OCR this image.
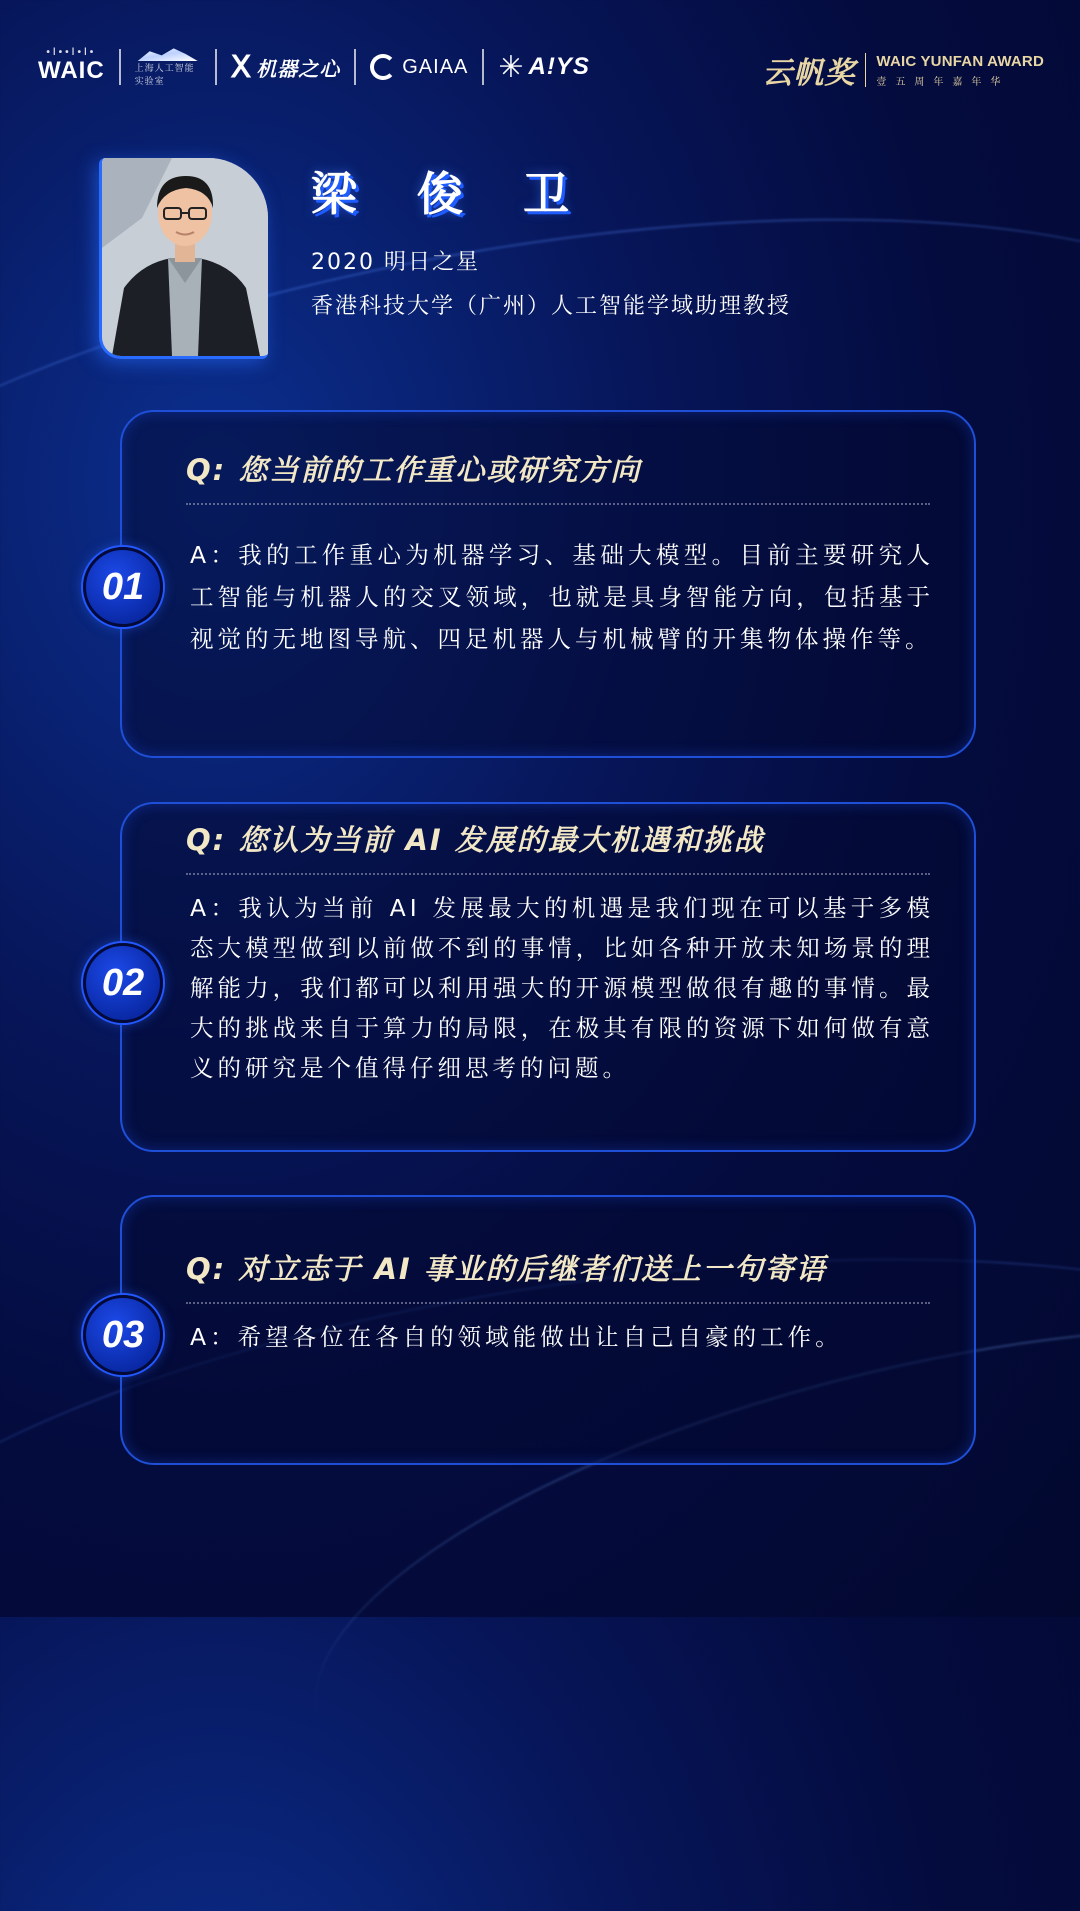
•ǀ••ǀ•ǀ•
WAIC	上海人工智能实验室	Ⅹ 机器之心	GAIAA ✳ A!YS	云帆奖 WAIC YUNFAN AWARD
壹五周年嘉年华
梁 俊 卫
2020 明日之星
香港科技大学（广州）人工智能学域助理教授
Q: 您当前的工作重心或研究方向
A：我的工作重心为机器学习、基础大模型。目前主要研究人工智能与机器人的交叉领域，也就是具身智能方向，包括基于视觉的无地图导航、四足机器人与机械臂的开集物体操作等。
01
Q: 您认为当前 AI 发展的最大机遇和挑战
A：我认为当前 AI 发展最大的机遇是我们现在可以基于多模态大模型做到以前做不到的事情，比如各种开放未知场景的理解能力，我们都可以利用强大的开源模型做很有趣的事情。最大的挑战来自于算力的局限，在极其有限的资源下如何做有意义的研究是个值得仔细思考的问题。
02
Q: 对立志于 AI 事业的后继者们送上一句寄语
A：希望各位在各自的领域能做出让自己自豪的工作。
03
